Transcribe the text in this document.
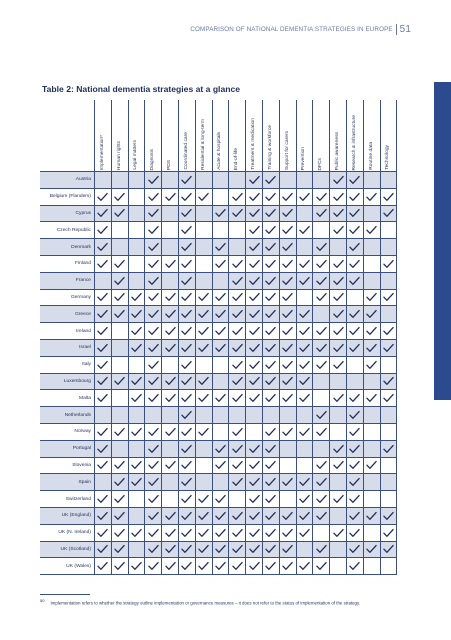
COMPARISON OF NATIONAL DEMENTIA STRATEGIES IN EUROPE 51
Table 2: National dementia strategies at a glance
Implementation* Human rights Legal matters Diagnosis PDS Coordinated care Residential & long-term Acute & hospitals End-of-life Treatment & medication Training & workforce Support for carers Prevention DFCs Public awareness Research & infrastructure Routine data Technology
Austria
Belgium (Flanders)
Cyprus
Czech Republic
Denmark
Finland
France
Germany
Greece
Ireland
Israel
Italy
Luxembourg
Malta
Netherlands
Norway
Portugal
Slovenia
Spain
Switzerland
UK (England)
UK (N. Ireland)
UK (Scotland)
UK (Wales)
$^{50}$ Implementation refers to whether the strategy outline implementation or governance measures – it does not refer to the status of implementation of the strategy.
